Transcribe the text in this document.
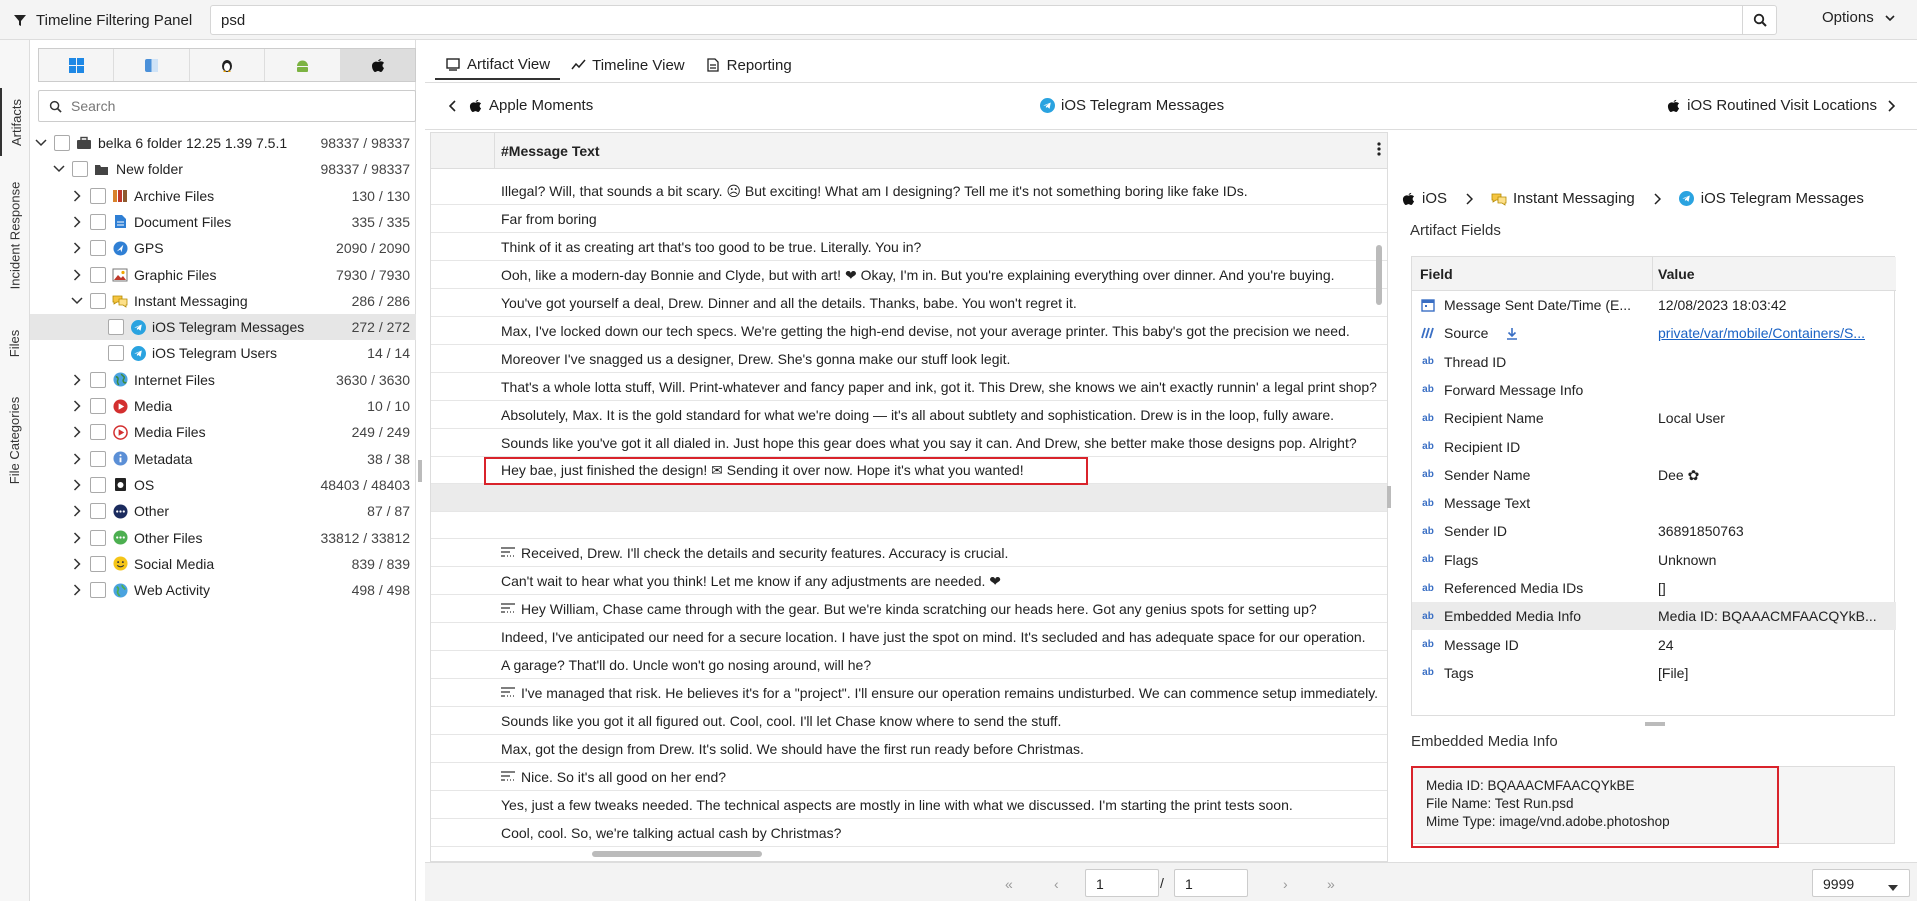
Timeline Filtering Panel	psd	Options
Artifacts
Incident Response
Files
File Categories
Search
belka 6 folder 12.25 1.39 7.5.1 98337 / 98337
New folder	98337 / 98337
Archive Files	130 / 130
Document Files	335 / 335
GPS	2090 / 2090
Graphic Files	7930 / 7930
Instant Messaging	286 / 286
iOS Telegram Messages	272 / 272
iOS Telegram Users	14 / 14
Internet Files	3630 / 3630
Media	10 / 10
Media Files	249 / 249
Metadata	38 / 38
OS	48403 / 48403
Other	87 / 87
Other Files	33812 / 33812
Social Media	839 / 839
Web Activity	498 / 498
Artifact View	Timeline View	Reporting
Apple Moments	iOS Telegram Messages	iOS Routined Visit Locations
#Message Text
Illegal? Will, that sounds a bit scary. ☹ But exciting! What am I designing? Tell me it's not something boring like fake IDs.
Far from boring
Think of it as creating art that's too good to be true. Literally. You in?
Ooh, like a modern-day Bonnie and Clyde, but with art! ❤ Okay, I'm in. But you're explaining everything over dinner. And you're buying.
You've got yourself a deal, Drew. Dinner and all the details. Thanks, babe. You won't regret it.
Max, I've locked down our tech specs. We're getting the high-end devise, not your average printer. This baby's got the precision we need.
Moreover I've snagged us a designer, Drew. She's gonna make our stuff look legit.
That's a whole lotta stuff, Will. Print-whatever and fancy paper and ink, got it. This Drew, she knows we ain't exactly runnin' a legal print shop?
Absolutely, Max. It is the gold standard for what we're doing — it's all about subtlety and sophistication. Drew is in the loop, fully aware.
Sounds like you've got it all dialed in. Just hope this gear does what you say it can. And Drew, she better make those designs pop. Alright?
Hey bae, just finished the design! ✉ Sending it over now. Hope it's what you wanted!
Received, Drew. I'll check the details and security features. Accuracy is crucial.
Can't wait to hear what you think! Let me know if any adjustments are needed. ❤
Hey William, Chase came through with the gear. But we're kinda scratching our heads here. Got any genius spots for setting up?
Indeed, I've anticipated our need for a secure location. I have just the spot on mind. It's secluded and has adequate space for our operation.
A garage? That'll do. Uncle won't go nosing around, will he?
I've managed that risk. He believes it's for a "project". I'll ensure our operation remains undisturbed. We can commence setup immediately.
Sounds like you got it all figured out. Cool, cool. I'll let Chase know where to send the stuff.
Max, got the design from Drew. It's solid. We should have the first run ready before Christmas.
Nice. So it's all good on her end?
Yes, just a few tweaks needed. The technical aspects are mostly in line with what we discussed. I'm starting the print tests soon.
Cool, cool. So, we're talking actual cash by Christmas?
iOS	Instant Messaging	iOS Telegram Messages
Artifact Fields
Field	Value
Message Sent Date/Time (E... 12/08/2023 18:03:42
Source	private/var/mobile/Containers/S...
ab Thread ID
ab Forward Message Info
ab Recipient Name	Local User
ab Recipient ID
ab Sender Name	Dee ✿
ab Message Text
ab Sender ID	36891850763
ab Flags	Unknown
ab Referenced Media IDs	[]
ab Embedded Media Info	Media ID: BQAAACMFAACQYkB...
ab Message ID	24
ab Tags	[File]
Embedded Media Info
Media ID: BQAAACMFAACQYkBE
File Name: Test Run.psd
Mime Type: image/vnd.adobe.photoshop
«	‹	1	/	1	›	»	9999
